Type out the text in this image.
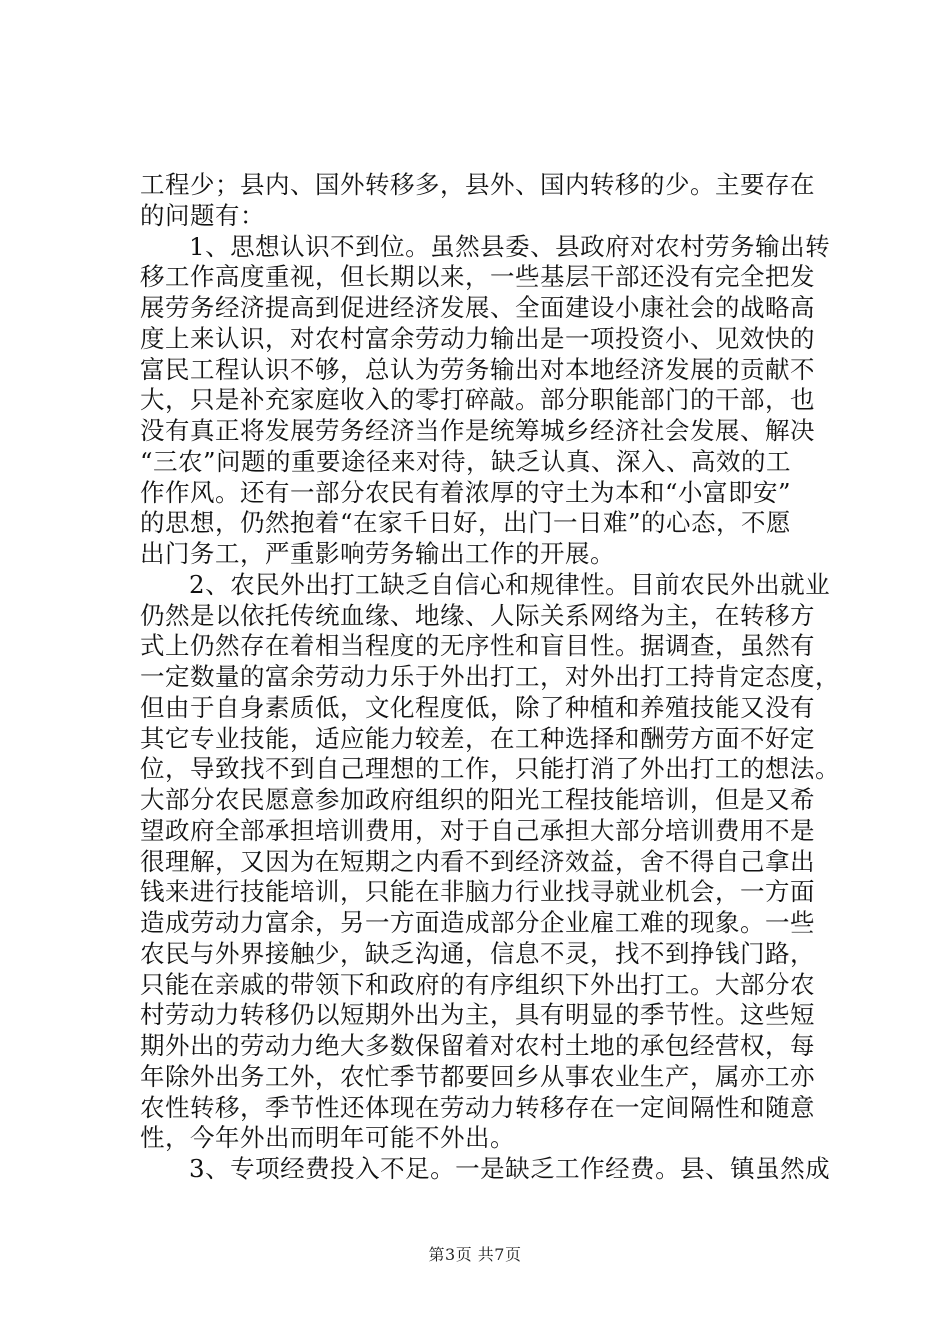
工程少；县内、国外转移多，县外、国内转移的少。主要存在
的问题有：
1、思想认识不到位。虽然县委、县政府对农村劳务输出转
移工作高度重视，但长期以来，一些基层干部还没有完全把发
展劳务经济提高到促进经济发展、全面建设小康社会的战略高
度上来认识，对农村富余劳动力输出是一项投资小、见效快的
富民工程认识不够，总认为劳务输出对本地经济发展的贡献不
大，只是补充家庭收入的零打碎敲。部分职能部门的干部，也
没有真正将发展劳务经济当作是统筹城乡经济社会发展、解决
“三农”问题的重要途径来对待，缺乏认真、深入、高效的工
作作风。还有一部分农民有着浓厚的守土为本和“小富即安”
的思想，仍然抱着“在家千日好，出门一日难”的心态，不愿
出门务工，严重影响劳务输出工作的开展。
2、农民外出打工缺乏自信心和规律性。目前农民外出就业
仍然是以依托传统血缘、地缘、人际关系网络为主，在转移方
式上仍然存在着相当程度的无序性和盲目性。据调查，虽然有
一定数量的富余劳动力乐于外出打工，对外出打工持肯定态度，
但由于自身素质低，文化程度低，除了种植和养殖技能又没有
其它专业技能，适应能力较差，在工种选择和酬劳方面不好定
位，导致找不到自己理想的工作，只能打消了外出打工的想法。
大部分农民愿意参加政府组织的阳光工程技能培训，但是又希
望政府全部承担培训费用，对于自己承担大部分培训费用不是
很理解，又因为在短期之内看不到经济效益，舍不得自己拿出
钱来进行技能培训，只能在非脑力行业找寻就业机会，一方面
造成劳动力富余，另一方面造成部分企业雇工难的现象。一些
农民与外界接触少，缺乏沟通，信息不灵，找不到挣钱门路，
只能在亲戚的带领下和政府的有序组织下外出打工。大部分农
村劳动力转移仍以短期外出为主，具有明显的季节性。这些短
期外出的劳动力绝大多数保留着对农村土地的承包经营权，每
年除外出务工外，农忙季节都要回乡从事农业生产，属亦工亦
农性转移，季节性还体现在劳动力转移存在一定间隔性和随意
性，今年外出而明年可能不外出。
3、专项经费投入不足。一是缺乏工作经费。县、镇虽然成
第3页 共7页
